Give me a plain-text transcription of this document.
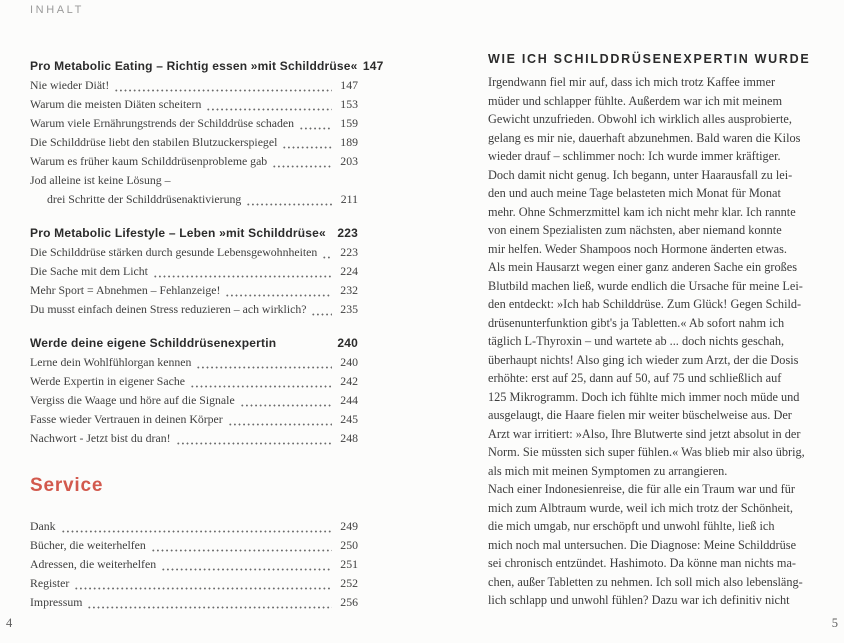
INHALT
Pro Metabolic Eating – Richtig essen »mit Schilddrüse« 147
Nie wieder Diät!	147
Warum die meisten Diäten scheitern	153
Warum viele Ernährungstrends der Schilddrüse schaden	159
Die Schilddrüse liebt den stabilen Blutzuckerspiegel	189
Warum es früher kaum Schilddrüsenprobleme gab	203
Jod alleine ist keine Lösung –
drei Schritte der Schilddrüsenaktivierung	211
Pro Metabolic Lifestyle – Leben »mit Schilddrüse« 223
Die Schilddrüse stärken durch gesunde Lebensgewohnheiten	223
Die Sache mit dem Licht	224
Mehr Sport = Abnehmen – Fehlanzeige!	232
Du musst einfach deinen Stress reduzieren – ach wirklich?	235
Werde deine eigene Schilddrüsenexpertin	240
Lerne dein Wohlfühlorgan kennen	240
Werde Expertin in eigener Sache	242
Vergiss die Waage und höre auf die Signale	244
Fasse wieder Vertrauen in deinen Körper	245
Nachwort - Jetzt bist du dran!	248
Service
Dank	249
Bücher, die weiterhelfen	250
Adressen, die weiterhelfen	251
Register	252
Impressum	256
4
WIE ICH SCHILDDRÜSENEXPERTIN WURDE
Irgendwann fiel mir auf, dass ich mich trotz Kaffee immer
müder und schlapper fühlte. Außerdem war ich mit meinem
Gewicht unzufrieden. Obwohl ich wirklich alles ausprobierte,
gelang es mir nie, dauerhaft abzunehmen. Bald waren die Kilos
wieder drauf – schlimmer noch: Ich wurde immer kräftiger.
Doch damit nicht genug. Ich begann, unter Haarausfall zu lei-
den und auch meine Tage belasteten mich Monat für Monat
mehr. Ohne Schmerzmittel kam ich nicht mehr klar. Ich rannte
von einem Spezialisten zum nächsten, aber niemand konnte
mir helfen. Weder Shampoos noch Hormone änderten etwas.
Als mein Hausarzt wegen einer ganz anderen Sache ein großes
Blutbild machen ließ, wurde endlich die Ursache für meine Lei-
den entdeckt: »Ich hab Schilddrüse. Zum Glück! Gegen Schild-
drüsenunterfunktion gibt's ja Tabletten.« Ab sofort nahm ich
täglich L-Thyroxin – und wartete ab ... doch nichts geschah,
überhaupt nichts! Also ging ich wieder zum Arzt, der die Dosis
erhöhte: erst auf 25, dann auf 50, auf 75 und schließlich auf
125 Mikrogramm. Doch ich fühlte mich immer noch müde und
ausgelaugt, die Haare fielen mir weiter büschelweise aus. Der
Arzt war irritiert: »Also, Ihre Blutwerte sind jetzt absolut in der
Norm. Sie müssten sich super fühlen.« Was blieb mir also übrig,
als mich mit meinen Symptomen zu arrangieren.
Nach einer Indonesienreise, die für alle ein Traum war und für
mich zum Albtraum wurde, weil ich mich trotz der Schönheit,
die mich umgab, nur erschöpft und unwohl fühlte, ließ ich
mich noch mal untersuchen. Die Diagnose: Meine Schilddrüse
sei chronisch entzündet. Hashimoto. Da könne man nichts ma-
chen, außer Tabletten zu nehmen. Ich soll mich also lebensläng-
lich schlapp und unwohl fühlen? Dazu war ich definitiv nicht
5
